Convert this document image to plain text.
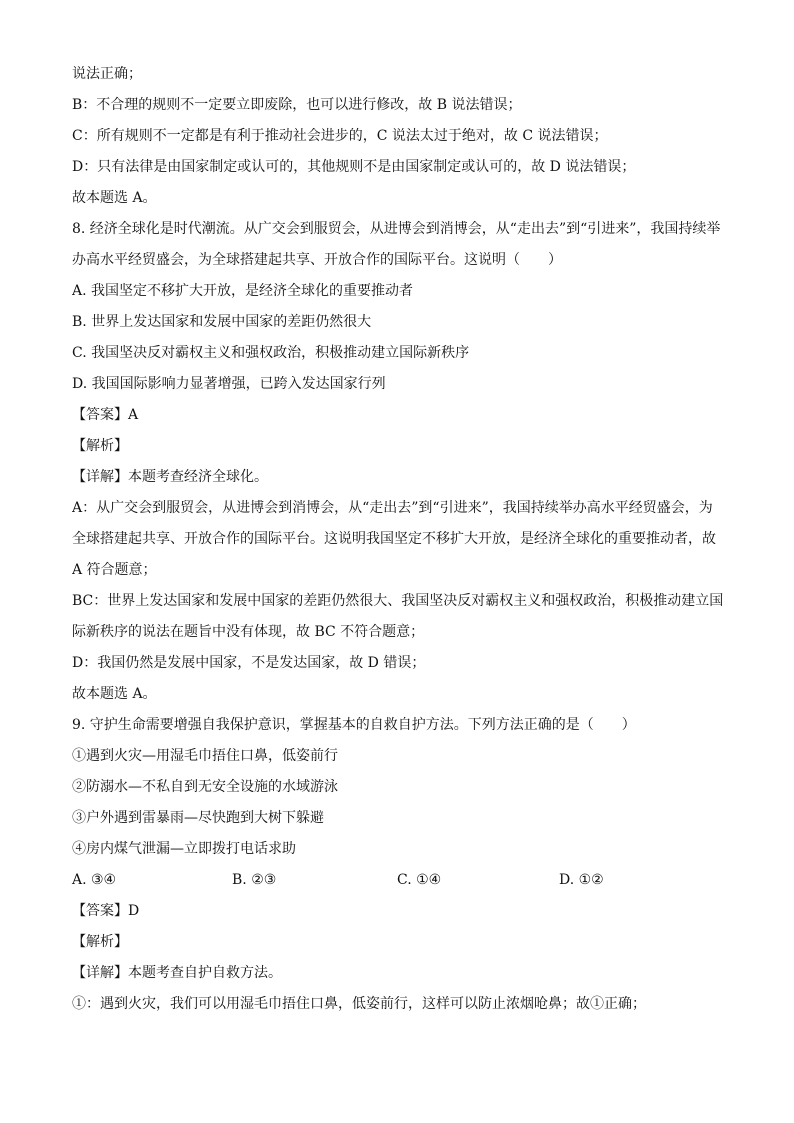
说法正确；
B：不合理的规则不一定要立即废除，也可以进行修改，故 B 说法错误；
C：所有规则不一定都是有利于推动社会进步的，C 说法太过于绝对，故 C 说法错误；
D：只有法律是由国家制定或认可的，其他规则不是由国家制定或认可的，故 D 说法错误；
故本题选 A。
8. 经济全球化是时代潮流。从广交会到服贸会，从进博会到消博会，从“走出去”到“引进来”，我国持续举
办高水平经贸盛会，为全球搭建起共享、开放合作的国际平台。这说明（　　）
A. 我国坚定不移扩大开放，是经济全球化的重要推动者
B. 世界上发达国家和发展中国家的差距仍然很大
C. 我国坚决反对霸权主义和强权政治，积极推动建立国际新秩序
D. 我国国际影响力显著增强，已跨入发达国家行列
【答案】A
【解析】
【详解】本题考查经济全球化。
A：从广交会到服贸会，从进博会到消博会，从“走出去”到“引进来”，我国持续举办高水平经贸盛会，为
全球搭建起共享、开放合作的国际平台。这说明我国坚定不移扩大开放，是经济全球化的重要推动者，故
A 符合题意；
BC：世界上发达国家和发展中国家的差距仍然很大、我国坚决反对霸权主义和强权政治，积极推动建立国
际新秩序的说法在题旨中没有体现，故 BC 不符合题意；
D：我国仍然是发展中国家，不是发达国家，故 D 错误；
故本题选 A。
9. 守护生命需要增强自我保护意识，掌握基本的自救自护方法。下列方法正确的是（　　）
①遇到火灾—用湿毛巾捂住口鼻，低姿前行
②防溺水—不私自到无安全设施的水域游泳
③户外遇到雷暴雨—尽快跑到大树下躲避
④房内煤气泄漏—立即拨打电话求助
A. ③④	B. ②③	C. ①④	D. ①②
【答案】D
【解析】
【详解】本题考查自护自救方法。
①：遇到火灾，我们可以用湿毛巾捂住口鼻，低姿前行，这样可以防止浓烟呛鼻；故①正确；
